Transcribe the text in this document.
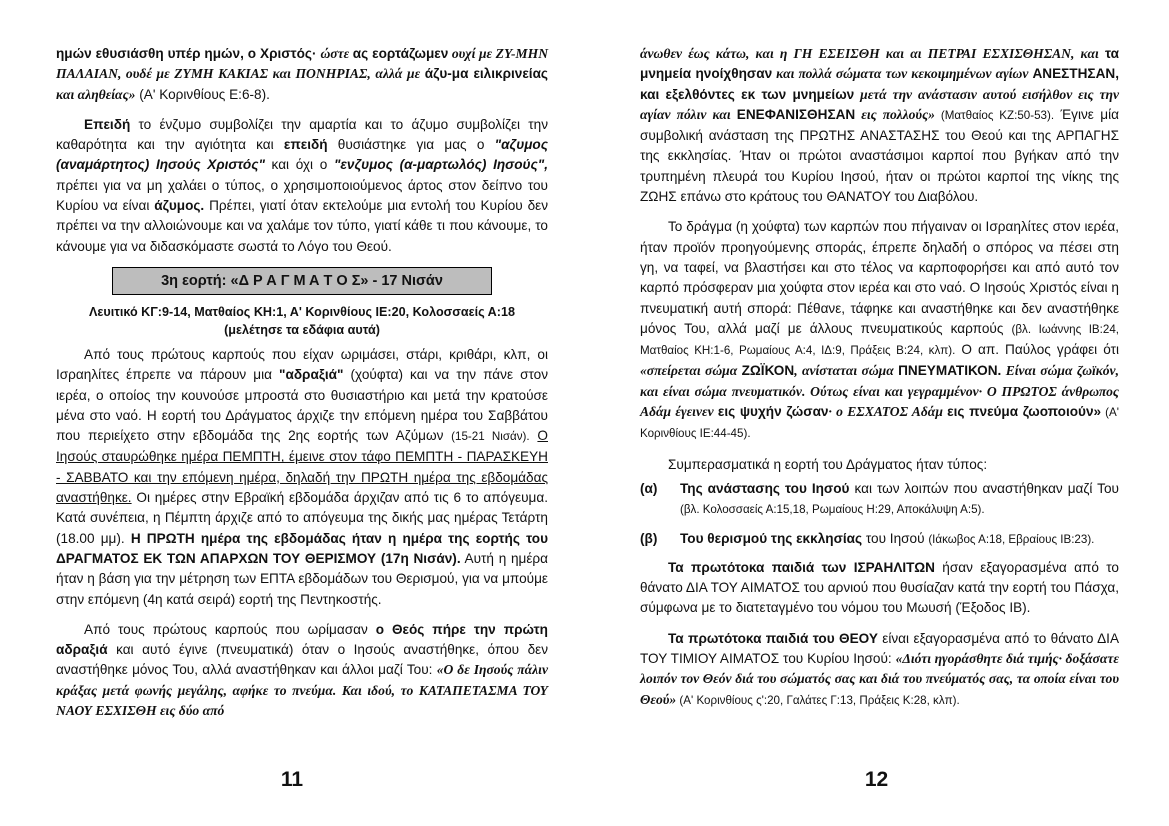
ημών εθυσιάσθη υπέρ ημών, ο Χριστός· ώστε ας εορτάζωμεν ουχί με ΖΥ-ΜΗΝ ΠΑΛΑΙΑΝ, ουδέ με ΖΥΜΗ ΚΑΚΙΑΣ και ΠΟΝΗΡΙΑΣ, αλλά με άζυ-μα ειλικρινείας και αληθείας» (Α' Κορινθίους Ε:6-8).

Επειδή το ένζυμο συμβολίζει την αμαρτία και το άζυμο συμβολίζει την καθαρότητα και την αγιότητα και επειδή θυσιάστηκε για μας ο "αζυμος (αναμάρτητος) Ιησούς Χριστός" και όχι ο "ενζυμος (α-μαρτωλός) Ιησούς", πρέπει για να μη χαλάει ο τύπος, ο χρησιμοποιούμενος άρτος στον δείπνο του Κυρίου να είναι άζυμος. Πρέπει, γιατί όταν εκτελούμε μια εντολή του Κυρίου δεν πρέπει να την αλλοιώνουμε και να χαλάμε τον τύπο, γιατί κάθε τι που κάνουμε, το κάνουμε για να διδασκόμαστε σωστά το Λόγο του Θεού.

3η εορτή: «Δ Ρ Α Γ Μ Α Τ Ο Σ» - 17 Νισάν
Λευιτικό ΚΓ:9-14, Ματθαίος ΚΗ:1, Α' Κορινθίους ΙΕ:20, Κολοσσαείς Α:18
(μελέτησε τα εδάφια αυτά)

Από τους πρώτους καρπούς που είχαν ωριμάσει, στάρι, κριθάρι, κλπ, οι Ισραηλίτες έπρεπε να πάρουν μια "αδραξιά" (χούφτα) και να την πάνε στον ιερέα, ο οποίος την κουνούσε μπροστά στο θυσιαστήριο και μετά την κρατούσε μένα στο ναό. Η εορτή του Δράγματος άρχιζε την επόμενη ημέρα του Σαββάτου που περιείχετο στην εβδομάδα της 2ης εορτής των Αζύμων (15-21 Νισάν). Ο Ιησούς σταυρώθηκε ημέρα ΠΕΜΠΤΗ, έμεινε στον τάφο ΠΕΜΠΤΗ - ΠΑΡΑΣΚΕΥΗ - ΣΑΒΒΑΤΟ και την επόμενη ημέρα, δηλαδή την ΠΡΩΤΗ ημέρα της εβδομάδας αναστήθηκε. Οι ημέρες στην Εβραϊκή εβδομάδα άρχιζαν από τις 6 το απόγευμα. Κατά συνέπεια, η Πέμπτη άρχιζε από το απόγευμα της δικής μας ημέρας Τετάρτη (18.00 μμ). Η ΠΡΩΤΗ ημέρα της εβδομάδας ήταν η ημέρα της εορτής του ΔΡΑΓΜΑΤΟΣ ΕΚ ΤΩΝ ΑΠΑΡΧΩΝ ΤΟΥ ΘΕΡΙΣΜΟΥ (17η Νισάν). Αυτή η ημέρα ήταν η βάση για την μέτρηση των ΕΠΤΑ εβδομάδων του Θερισμού, για να μπούμε στην επόμενη (4η κατά σειρά) εορτή της Πεντηκοστής.

Από τους πρώτους καρπούς που ωρίμασαν ο Θεός πήρε την πρώτη αδραξιά και αυτό έγινε (πνευματικά) όταν ο Ιησούς αναστήθηκε, όπου δεν αναστήθηκε μόνος Του, αλλά αναστήθηκαν και άλλοι μαζί Του: «Ο δε Ιησούς πάλιν κράξας μετά φωνής μεγάλης, αφήκε το πνεύμα. Και ιδού, το ΚΑΤΑΠΕΤΑΣΜΑ ΤΟΥ ΝΑΟΥ ΕΣΧΙΣΘΗ εις δύο από

11

άνωθεν έως κάτω, και η ΓΗ ΕΣΕΙΣΘΗ και αι ΠΕΤΡΑΙ ΕΣΧΙΣΘΗΣΑΝ, και τα μνημεία ηνοίχθησαν και πολλά σώματα των κεκοιμημένων αγίων ΑΝΕΣΤΗΣΑΝ, και εξελθόντες εκ των μνημείων μετά την ανάστασιν αυτού εισήλθον εις την αγίαν πόλιν και ΕΝΕΦΑΝΙΣΘΗΣΑΝ εις πολλούς» (Ματθαίος ΚΖ:50-53). Έγινε μία συμβολική ανάσταση της ΠΡΩΤΗΣ ΑΝΑΣΤΑΣΗΣ του Θεού και της ΑΡΠΑΓΗΣ της εκκλησίας. Ήταν οι πρώτοι αναστάσιμοι καρποί που βγήκαν από την τρυπημένη πλευρά του Κυρίου Ιησού, ήταν οι πρώτοι καρποί της νίκης της ΖΩΗΣ επάνω στο κράτους του ΘΑΝΑΤΟΥ του Διαβόλου.

Το δράγμα (η χούφτα) των καρπών που πήγαιναν οι Ισραηλίτες στον ιερέα, ήταν προϊόν προηγούμενης σποράς, έπρεπε δηλαδή ο σπόρος να πέσει στη γη, να ταφεί, να βλαστήσει και στο τέλος να καρποφορήσει και από αυτό τον καρπό πρόσφεραν μια χούφτα στον ιερέα και στο ναό. Ο Ιησούς Χριστός είναι η πνευματική αυτή σπορά: Πέθανε, τάφηκε και αναστήθηκε και δεν αναστήθηκε μόνος Του, αλλά μαζί με άλλους πνευματικούς καρπούς (βλ. Ιωάννης ΙΒ:24, Ματθαίος ΚΗ:1-6, Ρωμαίους Α:4, ΙΔ:9, Πράξεις Β:24, κλπ). Ο απ. Παύλος γράφει ότι «σπείρεται σώμα ΖΩΪΚΟΝ, ανίσταται σώμα ΠΝΕΥΜΑΤΙΚΟΝ. Είναι σώμα ζωϊκόν, και είναι σώμα πνευματικόν. Ούτως είναι και γεγραμμένον· Ο ΠΡΩΤΟΣ άνθρωπος Αδάμ έγεινεν εις ψυχήν ζώσαν· ο ΕΣΧΑΤΟΣ Αδάμ εις πνεύμα ζωοποιούν» (Α' Κορινθίους ΙΕ:44-45).

Συμπερασματικά η εορτή του Δράγματος ήταν τύπος:

(α)	Της ανάστασης του Ιησού και των λοιπών που αναστήθηκαν μαζί Του (βλ. Κολοσσαείς Α:15,18, Ρωμαίους Η:29, Αποκάλυψη Α:5).
(β)	Του θερισμού της εκκλησίας του Ιησού (Ιάκωβος Α:18, Εβραίους ΙΒ:23).

Τα πρωτότοκα παιδιά των ΙΣΡΑΗΛΙΤΩΝ ήσαν εξαγορασμένα από το θάνατο ΔΙΑ ΤΟΥ ΑΙΜΑΤΟΣ του αρνιού που θυσίαζαν κατά την εορτή του Πάσχα, σύμφωνα με το διατεταγμένο του νόμου του Μωυσή (Έξοδος ΙΒ).

Τα πρωτότοκα παιδιά του ΘΕΟΥ είναι εξαγορασμένα από το θάνατο ΔΙΑ ΤΟΥ ΤΙΜΙΟΥ ΑΙΜΑΤΟΣ του Κυρίου Ιησού: «Διότι ηγοράσθητε διά τιμής· δοξάσατε λοιπόν τον Θεόν διά του σώματός σας και διά του πνεύματός σας, τα οποία είναι του Θεού» (Α' Κορινθίους ς':20, Γαλάτες Γ:13, Πράξεις Κ:28, κλπ).

12
